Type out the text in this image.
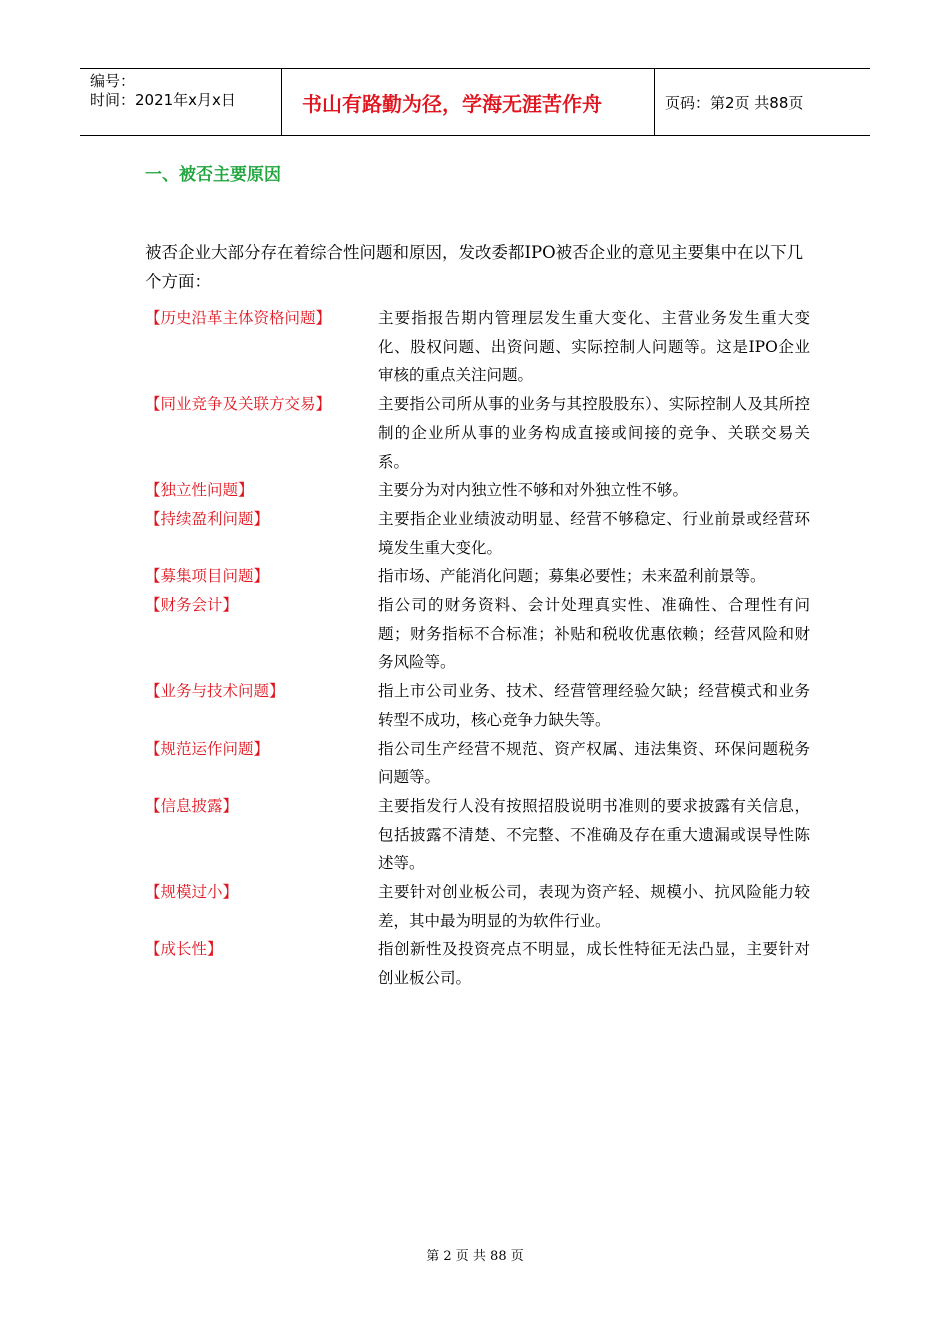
编号：
时间：2021年x月x日	书山有路勤为径，学海无涯苦作舟	页码：第2页 共88页
一、被否主要原因
被否企业大部分存在着综合性问题和原因，发改委都IPO被否企业的意见主要集中在以下几个方面：
【历史沿革主体资格问题】	主要指报告期内管理层发生重大变化、主营业务发生重大变化、股权问题、出资问题、实际控制人问题等。这是IPO企业审核的重点关注问题。
【同业竞争及关联方交易】	主要指公司所从事的业务与其控股股东）、实际控制人及其所控制的企业所从事的业务构成直接或间接的竞争、关联交易关系。
【独立性问题】	主要分为对内独立性不够和对外独立性不够。
【持续盈利问题】	主要指企业业绩波动明显、经营不够稳定、行业前景或经营环境发生重大变化。
【募集项目问题】	指市场、产能消化问题；募集必要性；未来盈利前景等。
【财务会计】	指公司的财务资料、会计处理真实性、准确性、合理性有问题；财务指标不合标准；补贴和税收优惠依赖；经营风险和财务风险等。
【业务与技术问题】	指上市公司业务、技术、经营管理经验欠缺；经营模式和业务转型不成功，核心竞争力缺失等。
【规范运作问题】	指公司生产经营不规范、资产权属、违法集资、环保问题税务问题等。
【信息披露】	主要指发行人没有按照招股说明书准则的要求披露有关信息，包括披露不清楚、不完整、不准确及存在重大遗漏或误导性陈述等。
【规模过小】	主要针对创业板公司，表现为资产轻、规模小、抗风险能力较差，其中最为明显的为软件行业。
【成长性】	指创新性及投资亮点不明显，成长性特征无法凸显，主要针对创业板公司。
第 2 页 共 88 页
